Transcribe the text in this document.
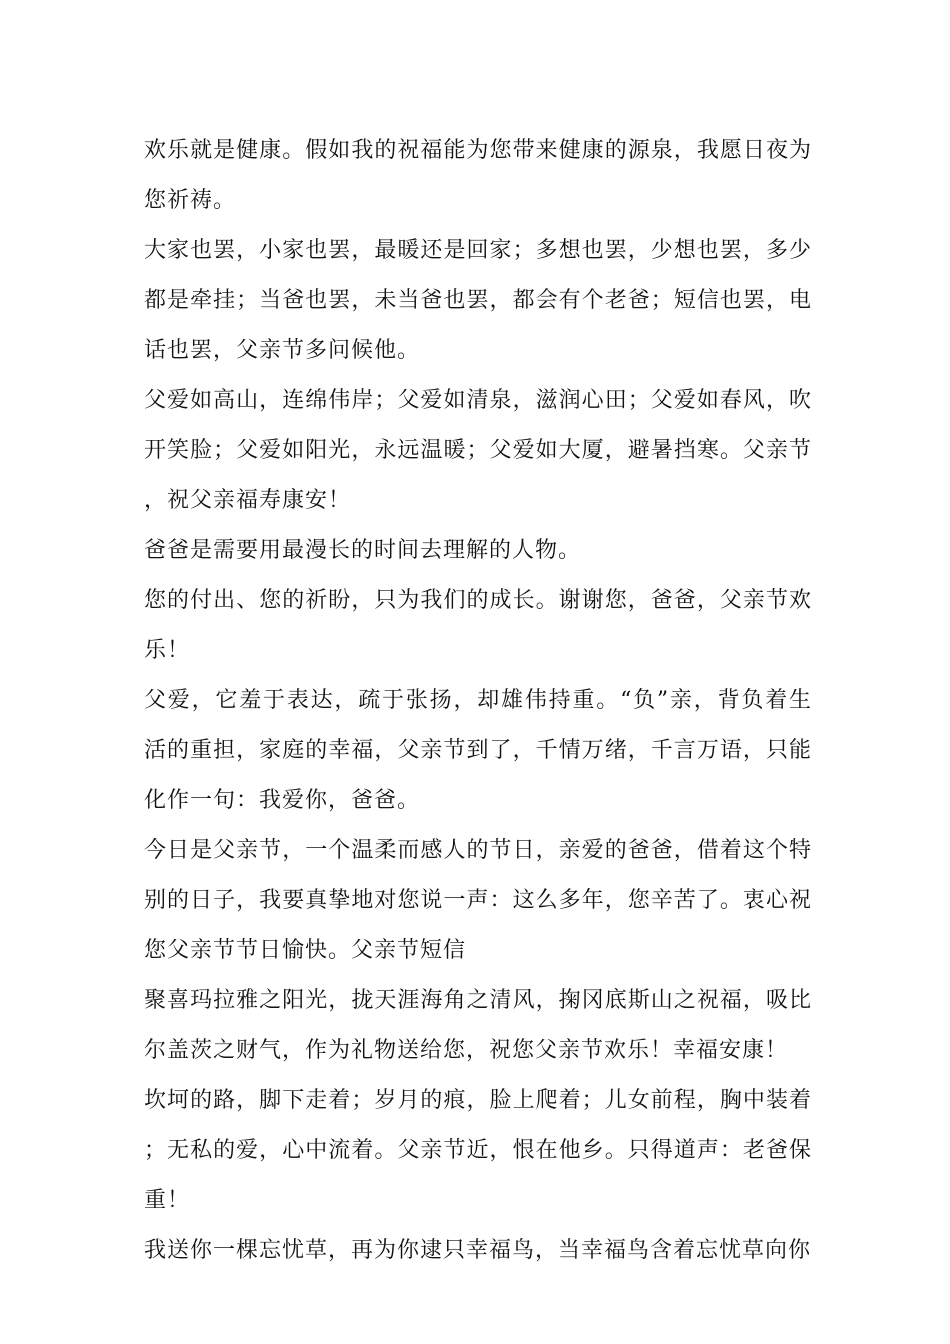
欢乐就是健康。假如我的祝福能为您带来健康的源泉，我愿日夜为您祈祷。

大家也罢，小家也罢，最暖还是回家；多想也罢，少想也罢，多少都是牵挂；当爸也罢，未当爸也罢，都会有个老爸；短信也罢，电话也罢，父亲节多问候他。

父爱如高山，连绵伟岸；父爱如清泉，滋润心田；父爱如春风，吹开笑脸；父爱如阳光，永远温暖；父爱如大厦，避暑挡寒。父亲节，祝父亲福寿康安！

爸爸是需要用最漫长的时间去理解的人物。

您的付出、您的祈盼，只为我们的成长。谢谢您，爸爸，父亲节欢乐！

父爱，它羞于表达，疏于张扬，却雄伟持重。“负”亲，背负着生活的重担，家庭的幸福，父亲节到了，千情万绪，千言万语，只能化作一句：我爱你，爸爸。

今日是父亲节，一个温柔而感人的节日，亲爱的爸爸，借着这个特别的日子，我要真挚地对您说一声：这么多年，您辛苦了。衷心祝您父亲节节日愉快。父亲节短信

聚喜玛拉雅之阳光，拢天涯海角之清风，掬冈底斯山之祝福，吸比尔盖茨之财气，作为礼物送给您，祝您父亲节欢乐！幸福安康！

坎坷的路，脚下走着；岁月的痕，脸上爬着；儿女前程，胸中装着；无私的爱，心中流着。父亲节近，恨在他乡。只得道声：老爸保重！

我送你一棵忘忧草，再为你逮只幸福鸟，当幸福鸟含着忘忧草向你
